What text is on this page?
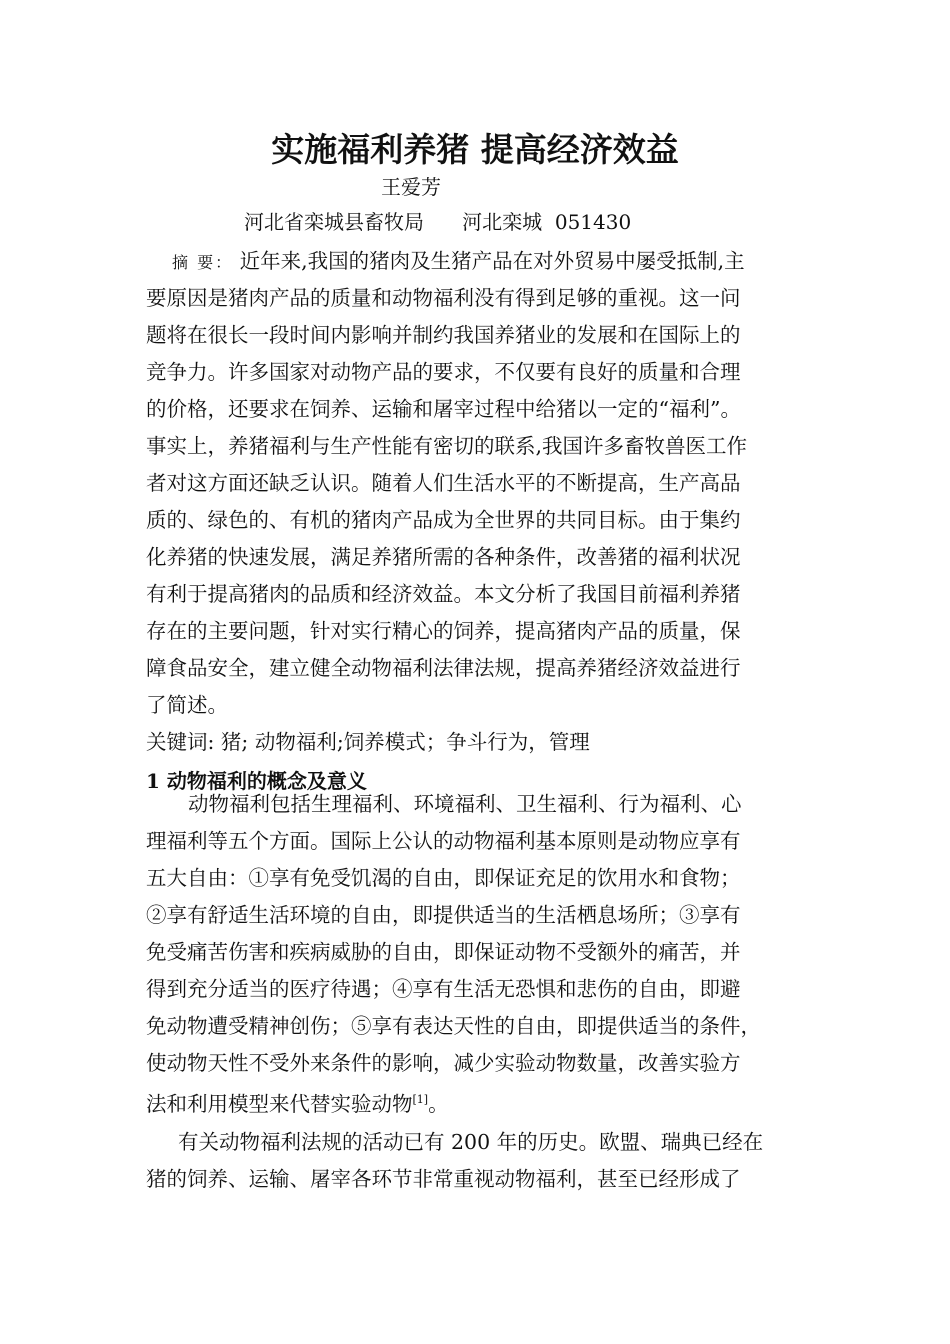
实施福利养猪 提高经济效益
王爱芳
河北省栾城县畜牧局      河北栾城  051430
摘 要： 近年来,我国的猪肉及生猪产品在对外贸易中屡受抵制,主
要原因是猪肉产品的质量和动物福利没有得到足够的重视。这一问
题将在很长一段时间内影响并制约我国养猪业的发展和在国际上的
竞争力。许多国家对动物产品的要求，不仅要有良好的质量和合理
的价格，还要求在饲养、运输和屠宰过程中给猪以一定的“福利”。
事实上，养猪福利与生产性能有密切的联系,我国许多畜牧兽医工作
者对这方面还缺乏认识。随着人们生活水平的不断提高，生产高品
质的、绿色的、有机的猪肉产品成为全世界的共同目标。由于集约
化养猪的快速发展，满足养猪所需的各种条件，改善猪的福利状况
有利于提高猪肉的品质和经济效益。本文分析了我国目前福利养猪
存在的主要问题，针对实行精心的饲养，提高猪肉产品的质量，保
障食品安全，建立健全动物福利法律法规，提高养猪经济效益进行
了简述。
关键词: 猪; 动物福利;饲养模式；争斗行为，管理
1 动物福利的概念及意义
动物福利包括生理福利、环境福利、卫生福利、行为福利、心
理福利等五个方面。国际上公认的动物福利基本原则是动物应享有
五大自由：①享有免受饥渴的自由，即保证充足的饮用水和食物；
②享有舒适生活环境的自由，即提供适当的生活栖息场所；③享有
免受痛苦伤害和疾病威胁的自由，即保证动物不受额外的痛苦，并
得到充分适当的医疗待遇；④享有生活无恐惧和悲伤的自由，即避
免动物遭受精神创伤；⑤享有表达天性的自由，即提供适当的条件，
使动物天性不受外来条件的影响，减少实验动物数量，改善实验方
法和利用模型来代替实验动物[1]。
有关动物福利法规的活动已有 200 年的历史。欧盟、瑞典已经在
猪的饲养、运输、屠宰各环节非常重视动物福利，甚至已经形成了
